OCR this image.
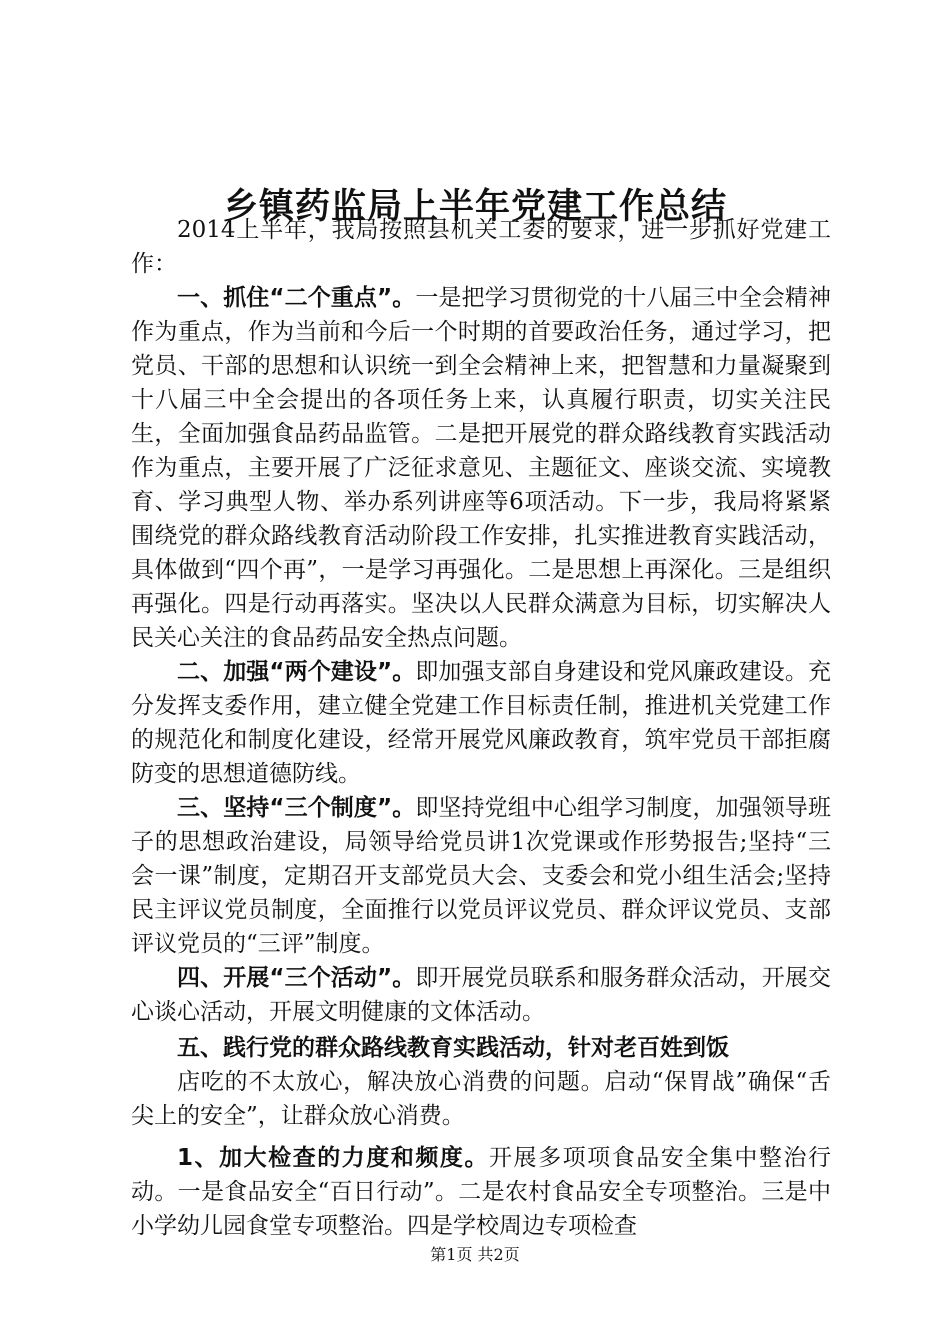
乡镇药监局上半年党建工作总结

2014上半年，我局按照县机关工委的要求，进一步抓好党建工作：

一、抓住“二个重点”。一是把学习贯彻党的十八届三中全会精神作为重点，作为当前和今后一个时期的首要政治任务，通过学习，把党员、干部的思想和认识统一到全会精神上来，把智慧和力量凝聚到十八届三中全会提出的各项任务上来，认真履行职责，切实关注民生，全面加强食品药品监管。二是把开展党的群众路线教育实践活动作为重点，主要开展了广泛征求意见、主题征文、座谈交流、实境教育、学习典型人物、举办系列讲座等6项活动。下一步，我局将紧紧围绕党的群众路线教育活动阶段工作安排，扎实推进教育实践活动，具体做到“四个再”，一是学习再强化。二是思想上再深化。三是组织再强化。四是行动再落实。坚决以人民群众满意为目标，切实解决人民关心关注的食品药品安全热点问题。

二、加强“两个建设”。即加强支部自身建设和党风廉政建设。充分发挥支委作用，建立健全党建工作目标责任制，推进机关党建工作的规范化和制度化建设，经常开展党风廉政教育，筑牢党员干部拒腐防变的思想道德防线。

三、坚持“三个制度”。即坚持党组中心组学习制度，加强领导班子的思想政治建设，局领导给党员讲1次党课或作形势报告;坚持“三会一课”制度，定期召开支部党员大会、支委会和党小组生活会;坚持民主评议党员制度，全面推行以党员评议党员、群众评议党员、支部评议党员的“三评”制度。

四、开展“三个活动”。即开展党员联系和服务群众活动，开展交心谈心活动，开展文明健康的文体活动。

五、践行党的群众路线教育实践活动，针对老百姓到饭

店吃的不太放心，解决放心消费的问题。启动“保胃战”确保“舌尖上的安全”，让群众放心消费。

1、加大检查的力度和频度。开展多项项食品安全集中整治行动。一是食品安全“百日行动”。二是农村食品安全专项整治。三是中小学幼儿园食堂专项整治。四是学校周边专项检查

第1页 共2页
